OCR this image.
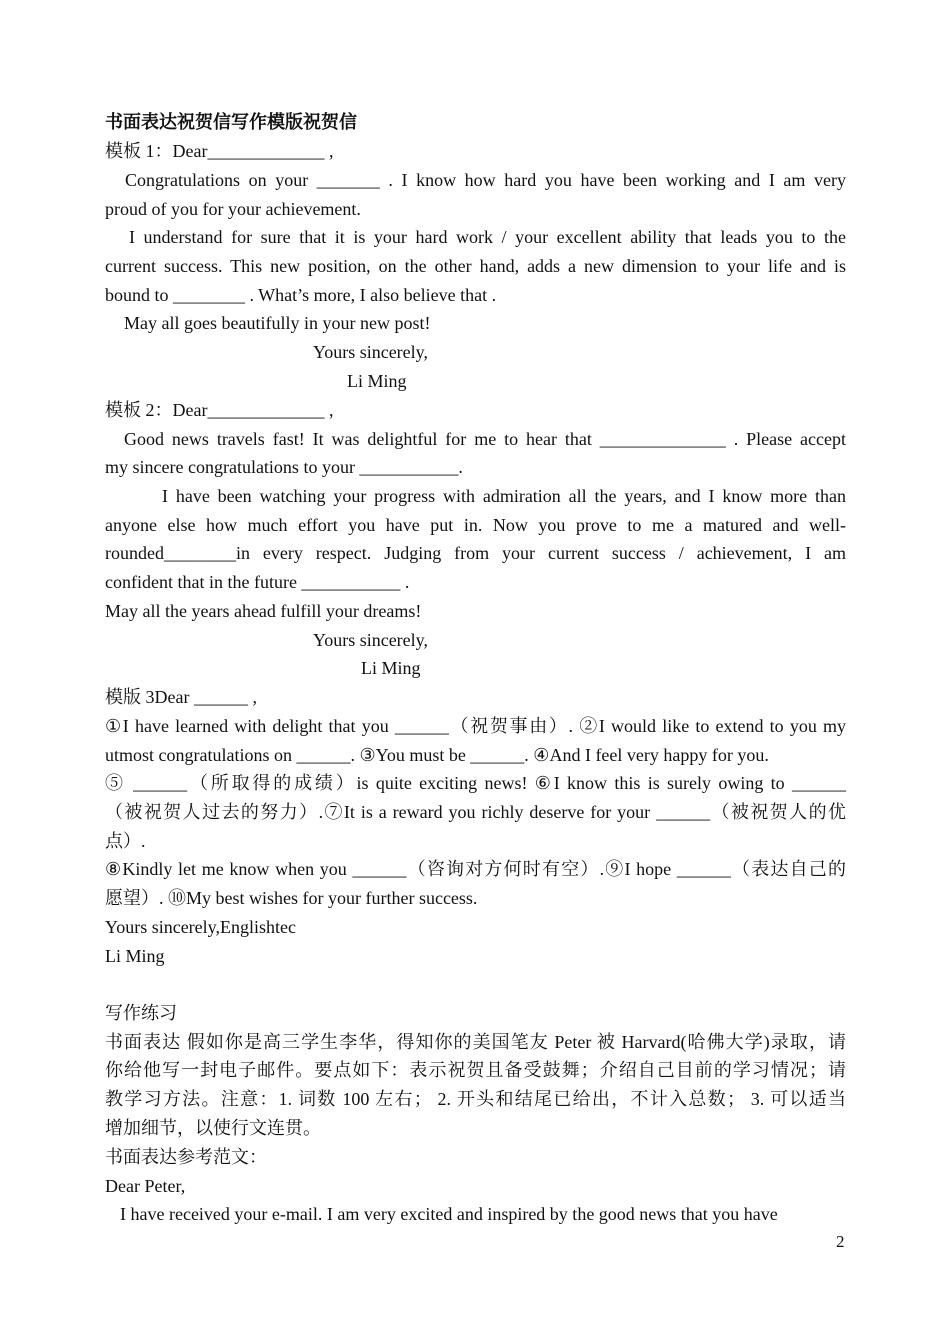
书面表达祝贺信写作模版祝贺信
模板 1：Dear_____________ ,
Congratulations on your _______ . I know how hard you have been working and I am very
proud of you for your achievement.
I understand for sure that it is your hard work / your excellent ability that leads you to the
current success. This new position, on the other hand, adds a new dimension to your life and is
bound to ________ . What’s more, I also believe that .
May all goes beautifully in your new post!
Yours sincerely,
Li Ming
模板 2：Dear_____________ ,
Good news travels fast! It was delightful for me to hear that ______________ . Please accept
my sincere congratulations to your ___________.
I have been watching your progress with admiration all the years, and I know more than
anyone else how much effort you have put in. Now you prove to me a matured and well-
rounded________in every respect. Judging from your current success / achievement, I am
confident that in the future ___________ .
May all the years ahead fulfill your dreams!
Yours sincerely,
Li Ming
模版 3Dear ______ ,
①I have learned with delight that you ______（祝贺事由）. ②I would like to extend to you my
utmost congratulations on ______. ③You must be ______. ④And I feel very happy for you.
⑤ ______（所取得的成绩）is quite exciting news! ⑥I know this is surely owing to ______
（被祝贺人过去的努力）.⑦It is a reward you richly deserve for your ______（被祝贺人的优
点）.
⑧Kindly let me know when you ______（咨询对方何时有空）.⑨I hope ______（表达自己的
愿望）. ⑩My best wishes for your further success.
Yours sincerely,Englishtec
Li Ming
写作练习
书面表达 假如你是高三学生李华，得知你的美国笔友 Peter 被 Harvard(哈佛大学)录取，请
你给他写一封电子邮件。要点如下：表示祝贺且备受鼓舞；介绍自己目前的学习情况；请
教学习方法。注意：1. 词数 100 左右； 2. 开头和结尾已给出，不计入总数； 3. 可以适当
增加细节，以使行文连贯。
书面表达参考范文：
Dear Peter,
I have received your e-mail. I am very excited and inspired by the good news that you have
2
